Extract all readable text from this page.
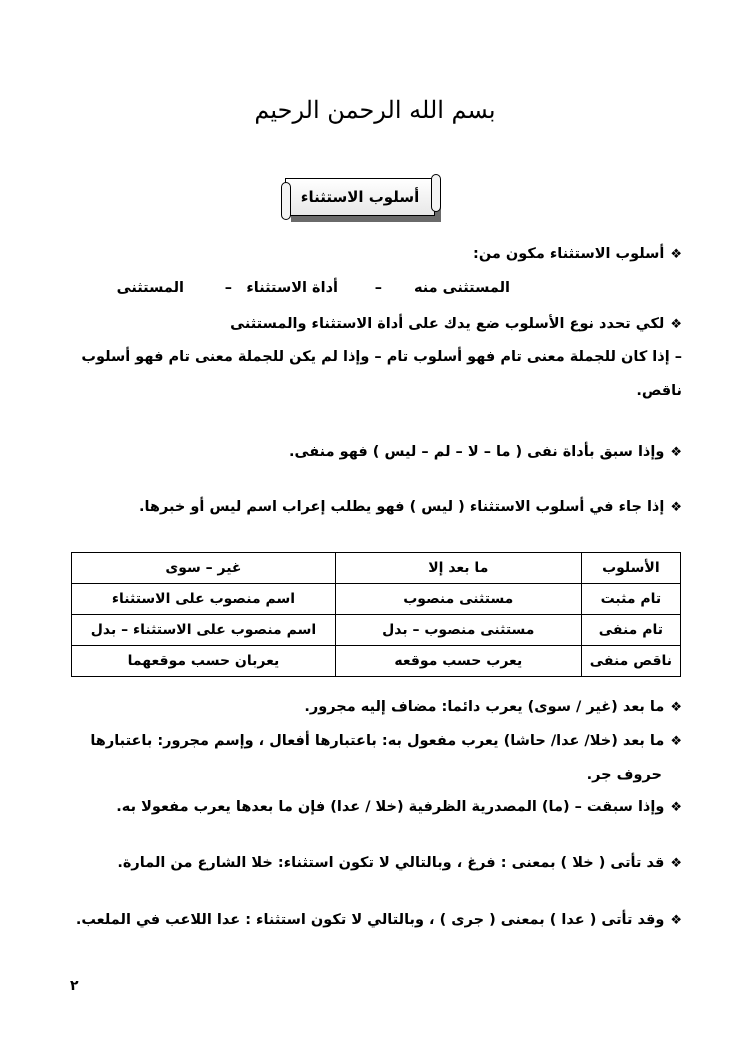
بسم الله الرحمن الرحيم
أسلوب الاستثناء
❖أسلوب الاستثناء مكون من:
المستثنى منه
–
أداة الاستثناء
–
المستثنى
❖لكي تحدد نوع الأسلوب ضع يدك على أداة الاستثناء والمستثنى
– إذا كان للجملة معنى تام فهو أسلوب تام – وإذا لم يكن للجملة معنى تام فهو أسلوب
ناقص.
❖وإذا سبق بأداة نفى ( ما – لا – لم – ليس ) فهو منفى.
❖إذا جاء في أسلوب الاستثناء ( ليس ) فهو يطلب إعراب اسم ليس أو خبرها.
الأسلوب	ما بعد إلا	غير – سوى
تام مثبت	مستثنى منصوب	اسم منصوب على الاستثناء
تام منفى	مستثنى منصوب – بدل	اسم منصوب على الاستثناء – بدل
ناقص منفى	يعرب حسب موقعه	يعربان حسب موقعهما
❖ما بعد (غير / سوى) يعرب دائما: مضاف إليه مجرور.
❖ما بعد (خلا/ عدا/ حاشا) يعرب مفعول به: باعتبارها أفعال ، وإسم مجرور: باعتبارها
حروف جر.
❖وإذا سبقت – (ما) المصدرية الظرفية (خلا / عدا) فإن ما بعدها يعرب مفعولا به.
❖قد تأتى ( خلا ) بمعنى : فرغ ، وبالتالي لا تكون استثناء: خلا الشارع من المارة.
❖وقد تأتى ( عدا ) بمعنى ( جرى ) ، وبالتالي لا تكون استثناء : عدا اللاعب في الملعب.
٢
